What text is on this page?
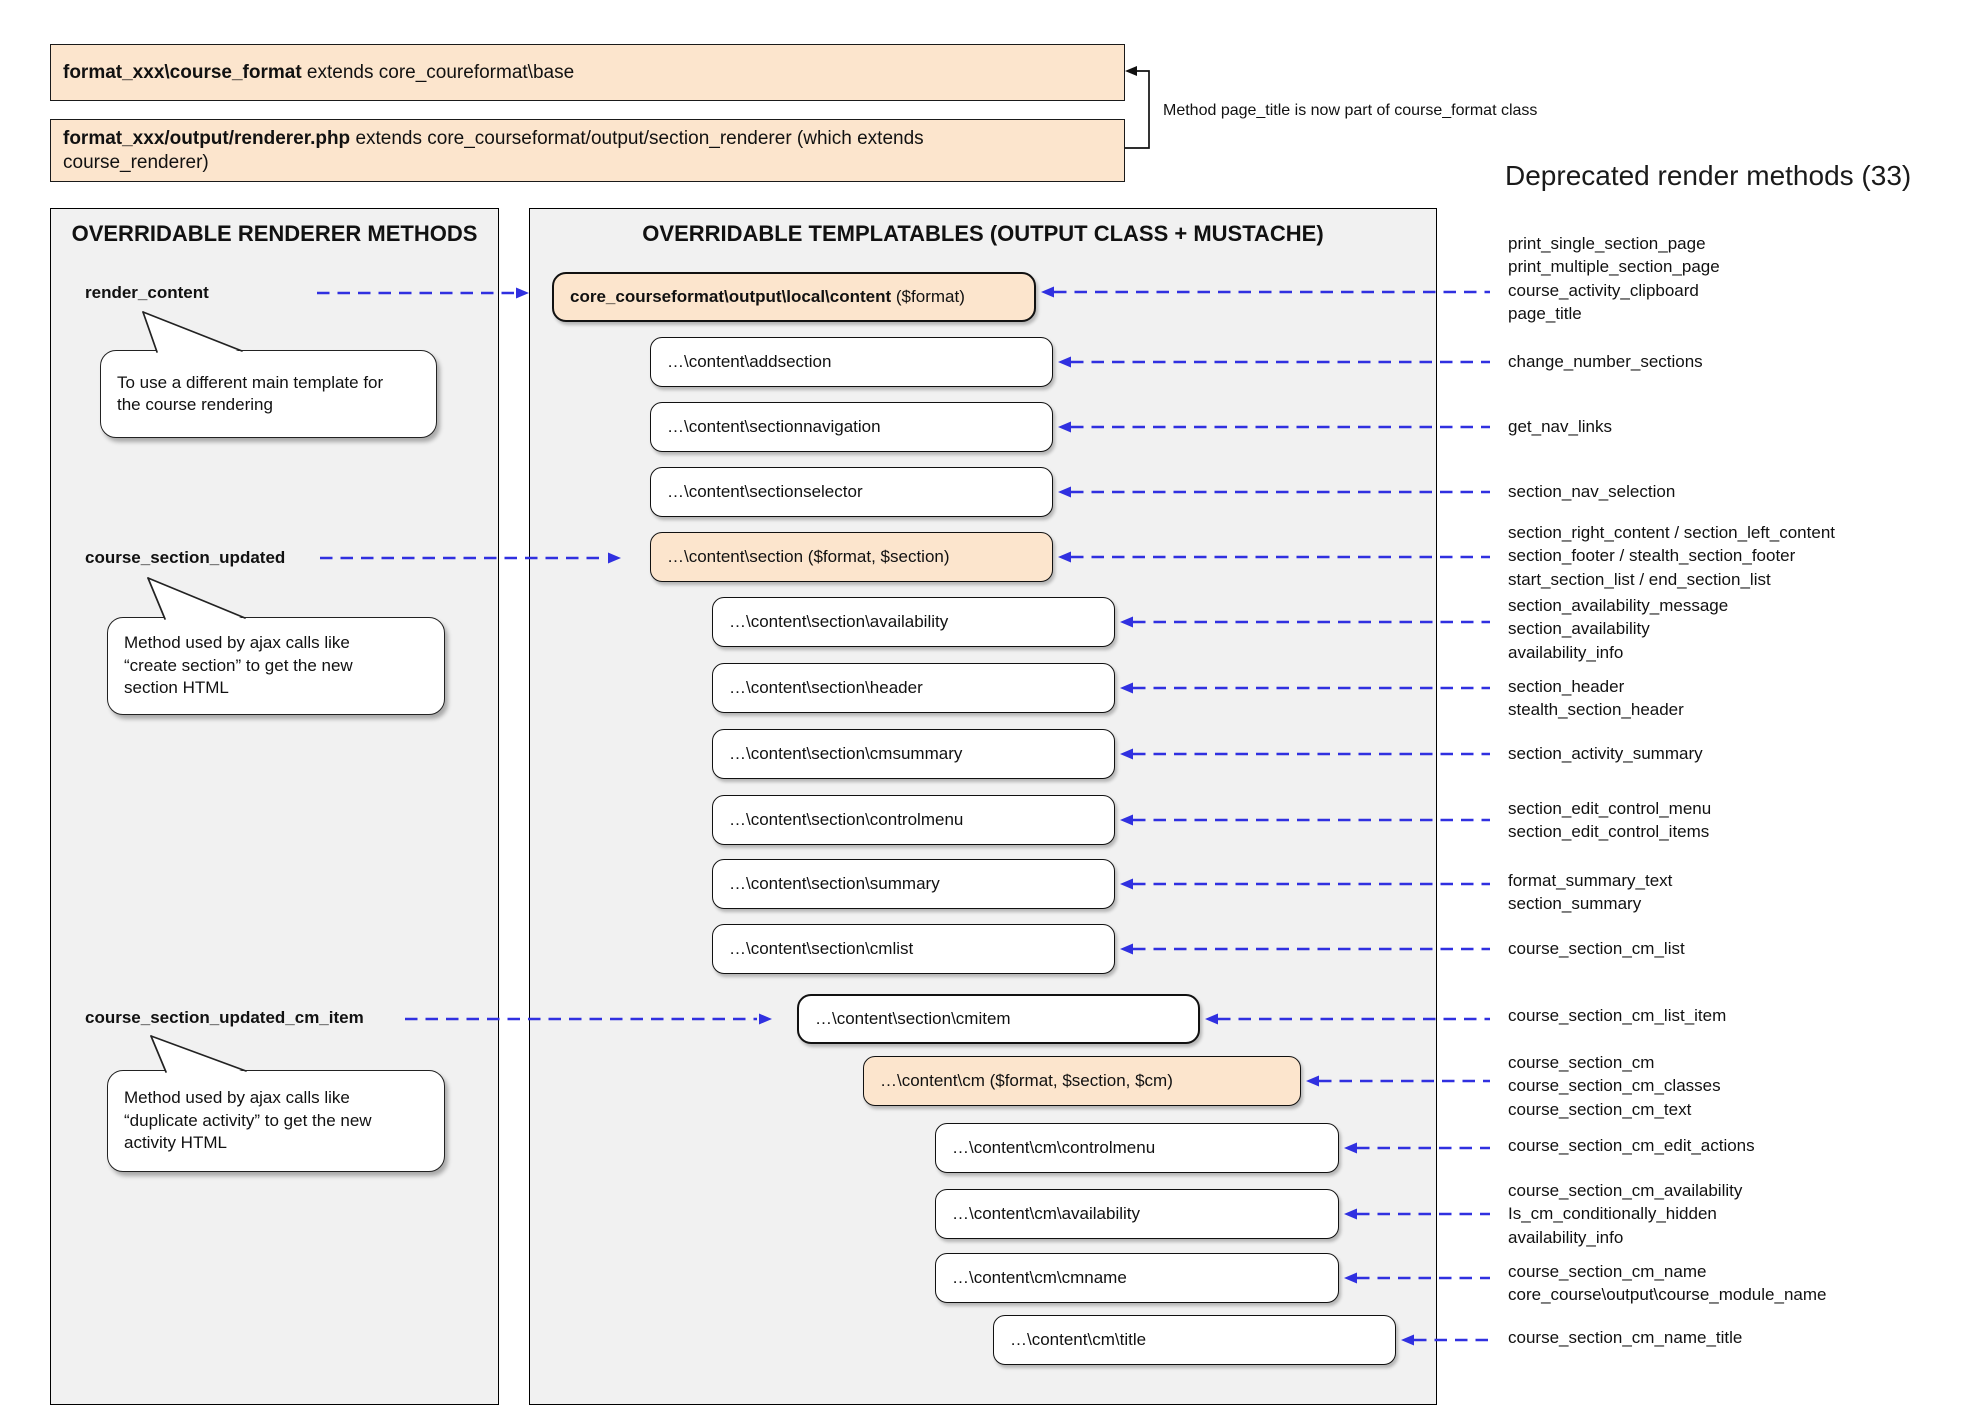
format_xxx\course_format extends core_coureformat\base
format_xxx/output/renderer.php extends core_courseformat/output/section_renderer (which extends
course_renderer)
Method page_title is now part of course_format class
Deprecated render methods (33)
OVERRIDABLE RENDERER METHODS	OVERRIDABLE TEMPLATABLES (OUTPUT CLASS + MUSTACHE)
render_content
course_section_updated
course_section_updated_cm_item
To use a different main template for
the course rendering
Method used by ajax calls like
“create section” to get the new
section HTML
Method used by ajax calls like
“duplicate activity” to get the new
activity HTML
core_courseformat\output\local\content ($format)
…\content\addsection
…\content\sectionnavigation
…\content\sectionselector
…\content\section ($format, $section)
…\content\section\availability
…\content\section\header
…\content\section\cmsummary
…\content\section\controlmenu
…\content\section\summary
…\content\section\cmlist
…\content\section\cmitem
…\content\cm ($format, $section, $cm)
…\content\cm\controlmenu
…\content\cm\availability
…\content\cm\cmname
…\content\cm\title
print_single_section_page
print_multiple_section_page
course_activity_clipboard
page_title
change_number_sections
get_nav_links
section_nav_selection
section_right_content / section_left_content
section_footer / stealth_section_footer
start_section_list / end_section_list
section_availability_message
section_availability
availability_info
section_header
stealth_section_header
section_activity_summary
section_edit_control_menu
section_edit_control_items
format_summary_text
section_summary
course_section_cm_list
course_section_cm_list_item
course_section_cm
course_section_cm_classes
course_section_cm_text
course_section_cm_edit_actions
course_section_cm_availability
Is_cm_conditionally_hidden
availability_info
course_section_cm_name
core_course\output\course_module_name
course_section_cm_name_title
